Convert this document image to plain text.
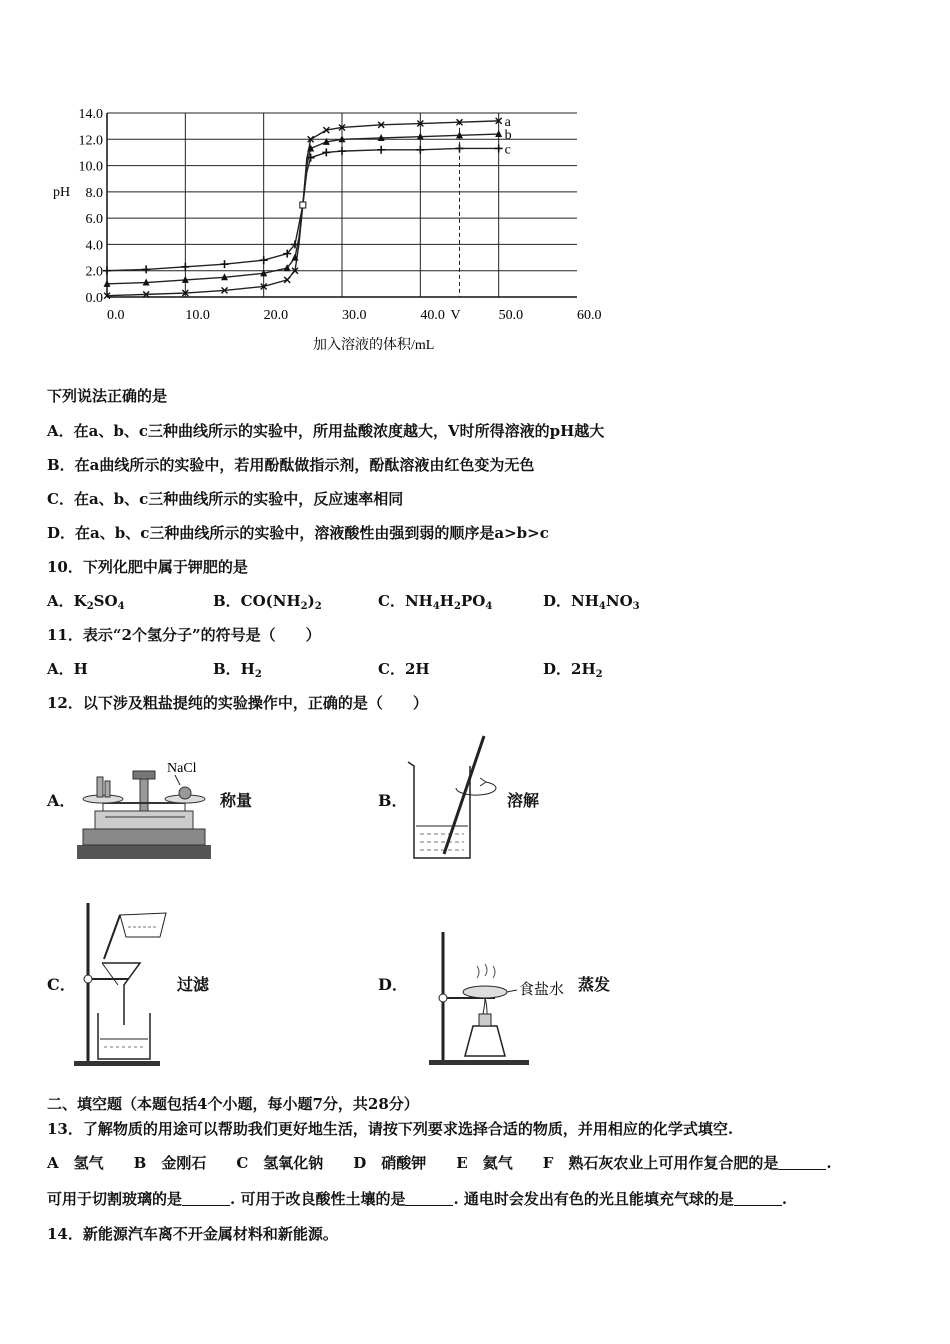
a
b
c
0.0
2.0
4.0
6.0
8.0
10.0
12.0
14.0
0.0	10.0	20.0	30.0	40.0 V	50.0	60.0
pH
加入溶液的体积/mL
下列说法正确的是
A．在a、b、c三种曲线所示的实验中，所用盐酸浓度越大，V时所得溶液的pH越大
B．在a曲线所示的实验中，若用酚酞做指示剂，酚酞溶液由红色变为无色
C．在a、b、c三种曲线所示的实验中，反应速率相同
D．在a、b、c三种曲线所示的实验中，溶液酸性由强到弱的顺序是a>b>c
10．下列化肥中属于钾肥的是
A．$K_2SO_4$	B．$CO(NH_2)_2$	C．$NH_4H_2PO_4$	D．$NH_4NO_3$
11．表示“2个氢分子”的符号是（　　）
A．H	B．$H_2$	C．2H	D．$2H_2$
12．以下涉及粗盐提纯的实验操作中，正确的是（　　）
A．
NaCl
称量	B．	溶解
C．	过滤	D．	食盐水 蒸发
二、填空题（本题包括4个小题，每小题7分，共28分）
13．了解物质的用途可以帮助我们更好地生活，请按下列要求选择合适的物质，并用相应的化学式填空.
A　氢气　　B　金刚石　　C　氢氧化钠　　D　硝酸钾　　E　氦气　　F　熟石灰农业上可用作复合肥的是	.
可用于切割玻璃的是	. 可用于改良酸性土壤的是	. 通电时会发出有色的光且能填充气球的是	.
14．新能源汽车离不开金属材料和新能源。
